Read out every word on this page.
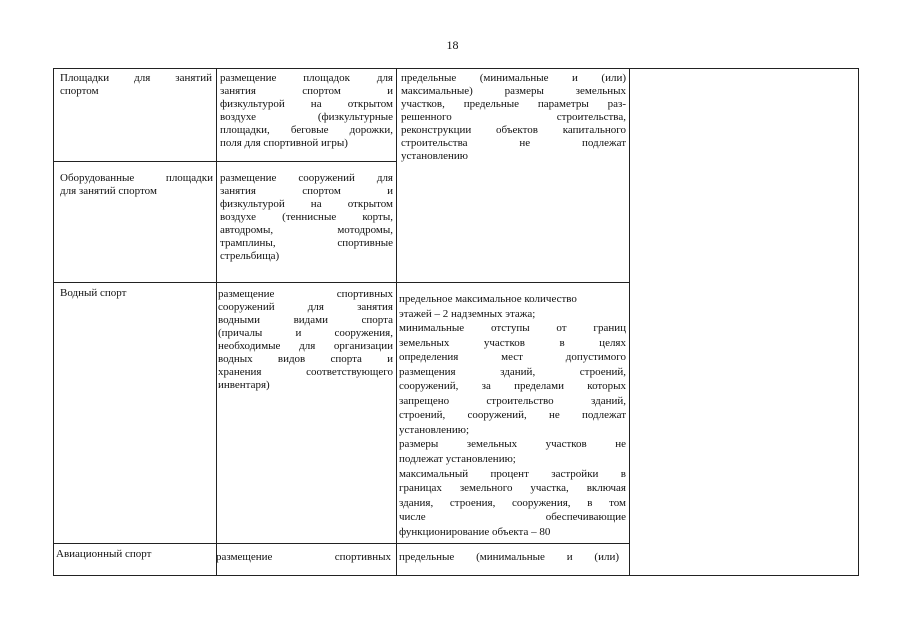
18
Площадки для занятий
спортом
размещение площадок для
занятия спортом и
физкультурой на открытом
воздухе (физкультурные
площадки, беговые дорожки,
поля для спортивной игры)
предельные (минимальные и (или)
максимальные) размеры земельных
участков, предельные параметры раз-
решенного строительства,
реконструкции объектов капитального
строительства не подлежат
установлению
Оборудованные площадки
для занятий спортом
размещение сооружений для
занятия спортом и
физкультурой на открытом
воздухе (теннисные корты,
автодромы, мотодромы,
трамплины, спортивные
стрельбища)
Водный спорт	размещение спортивных
сооружений для занятия
водными видами спорта
(причалы и сооружения,
необходимые для организации
водных видов спорта и
хранения соответствующего
инвентаря)
предельное максимальное количество
этажей – 2 надземных этажа;
минимальные отступы от границ
земельных участков в целях
определения мест допустимого
размещения зданий, строений,
сооружений, за пределами которых
запрещено строительство зданий,
строений, сооружений, не подлежат
установлению;
размеры земельных участков не
подлежат установлению;
максимальный процент застройки в
границах земельного участка, включая
здания, строения, сооружения, в том
числе обеспечивающие
функционирование объекта – 80
Авиационный спорт	размещение спортивных предельные (минимальные и (или)
